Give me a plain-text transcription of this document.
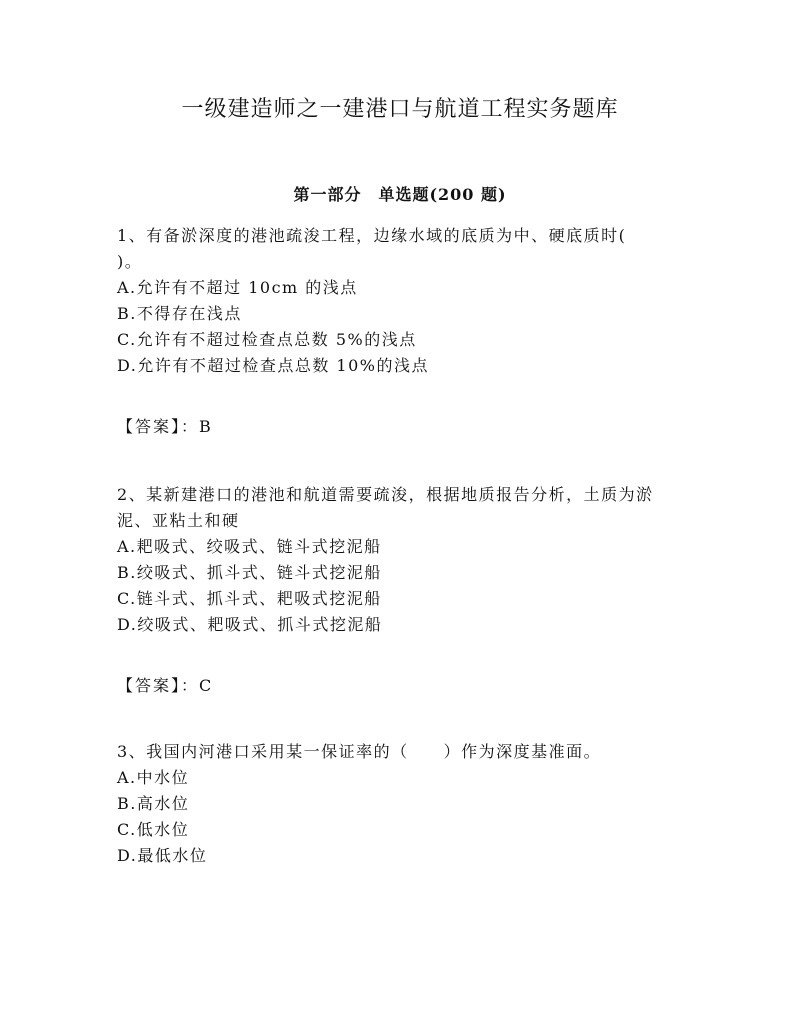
一级建造师之一建港口与航道工程实务题库
第一部分　单选题(200 题)
1、有备淤深度的港池疏浚工程，边缘水域的底质为中、硬底质时(
)。
A.允许有不超过 10cm 的浅点
B.不得存在浅点
C.允许有不超过检查点总数 5%的浅点
D.允许有不超过检查点总数 10%的浅点
【答案】：B
2、某新建港口的港池和航道需要疏浚，根据地质报告分析，土质为淤
泥、亚粘土和硬
A.耙吸式、绞吸式、链斗式挖泥船
B.绞吸式、抓斗式、链斗式挖泥船
C.链斗式、抓斗式、耙吸式挖泥船
D.绞吸式、耙吸式、抓斗式挖泥船
【答案】：C
3、我国内河港口采用某一保证率的（　　）作为深度基准面。
A.中水位
B.高水位
C.低水位
D.最低水位
